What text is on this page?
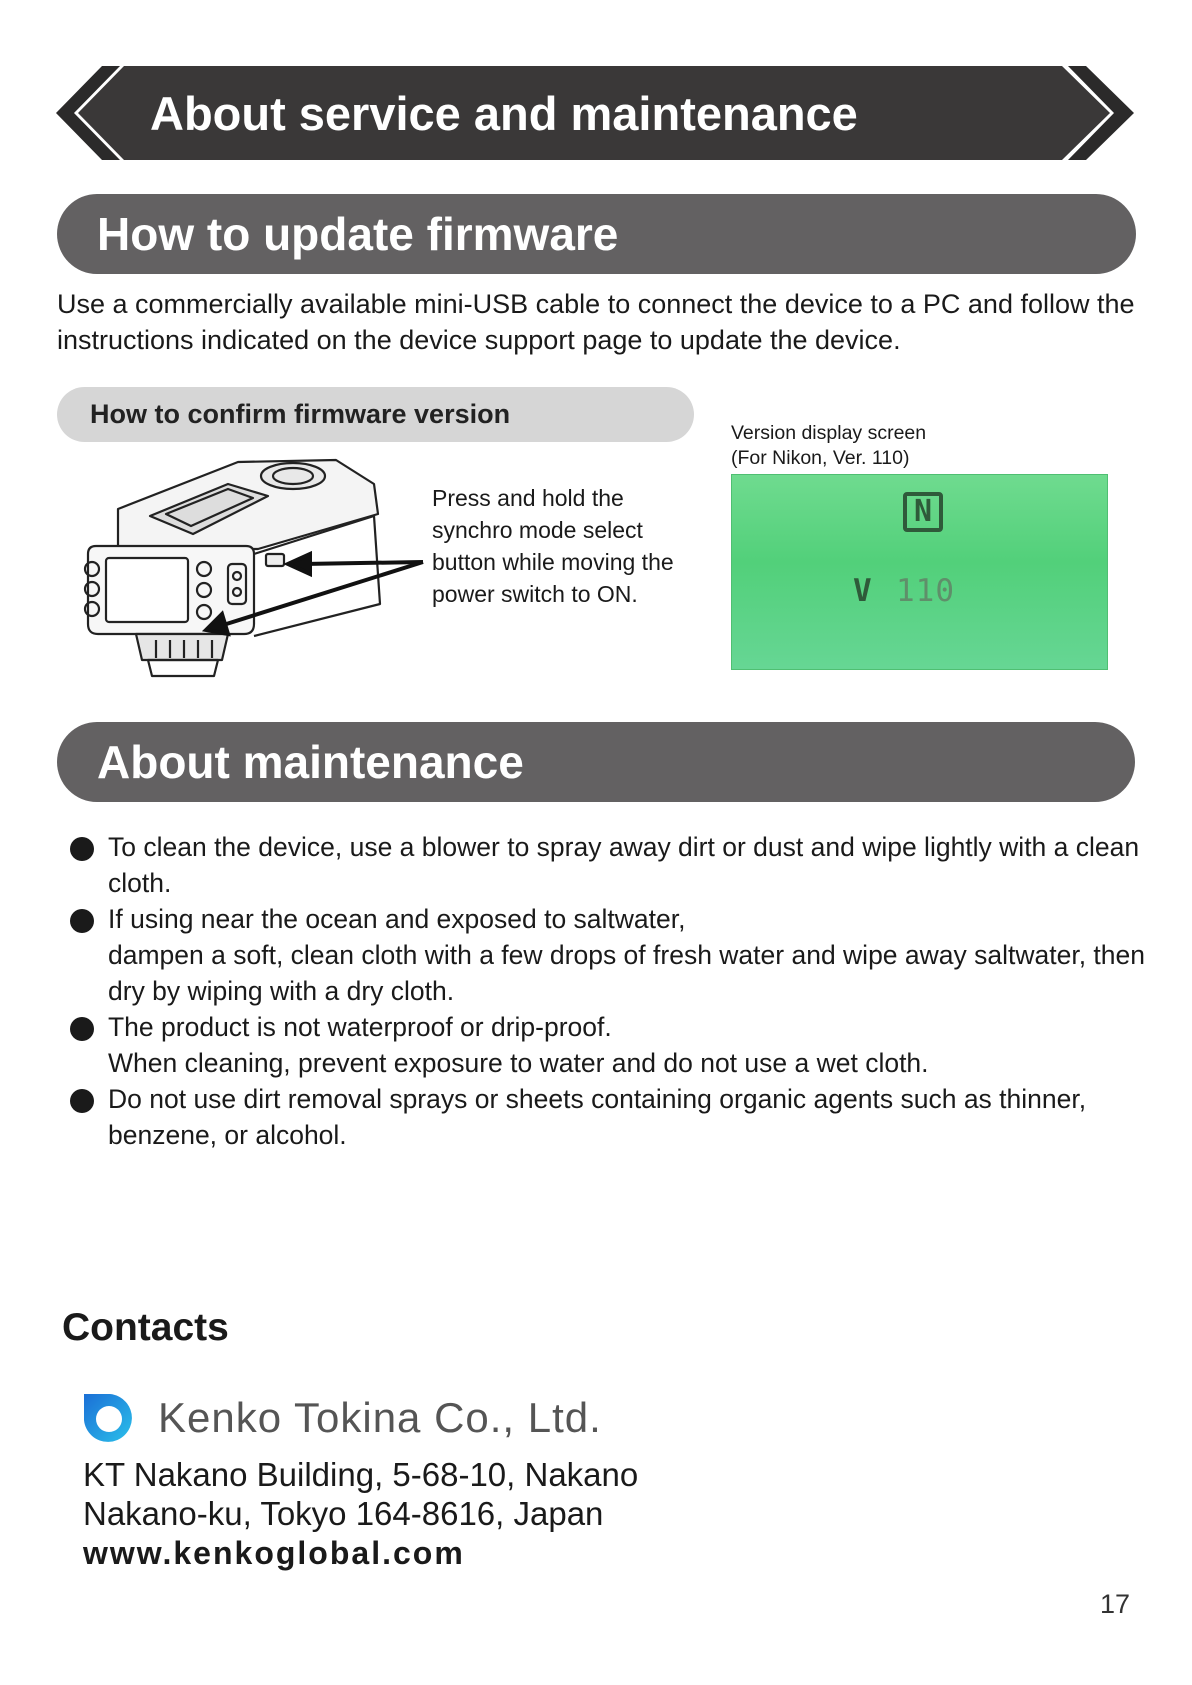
About service and maintenance
How to update firmware
Use a commercially available mini-USB cable to connect the device to a PC and follow the instructions indicated on the device support page to update the device.
How to confirm firmware version
Press and hold the synchro mode select button while moving the power switch to ON.
Version display screen
(For Nikon, Ver. 110)
N
V 110
About maintenance
To clean the device, use a blower to spray away dirt or dust and wipe lightly with a clean cloth.
If using near the ocean and exposed to saltwater,
dampen a soft, clean cloth with a few drops of fresh water and wipe away saltwater, then dry by wiping with a dry cloth.
The product is not waterproof or drip-proof.
When cleaning, prevent exposure to water and do not use a wet cloth.
Do not use dirt removal sprays or sheets containing organic agents such as thinner, benzene, or alcohol.
Contacts
Kenko Tokina Co., Ltd.
KT Nakano Building, 5-68-10, Nakano
Nakano-ku, Tokyo 164-8616, Japan
www.kenkoglobal.com
17
